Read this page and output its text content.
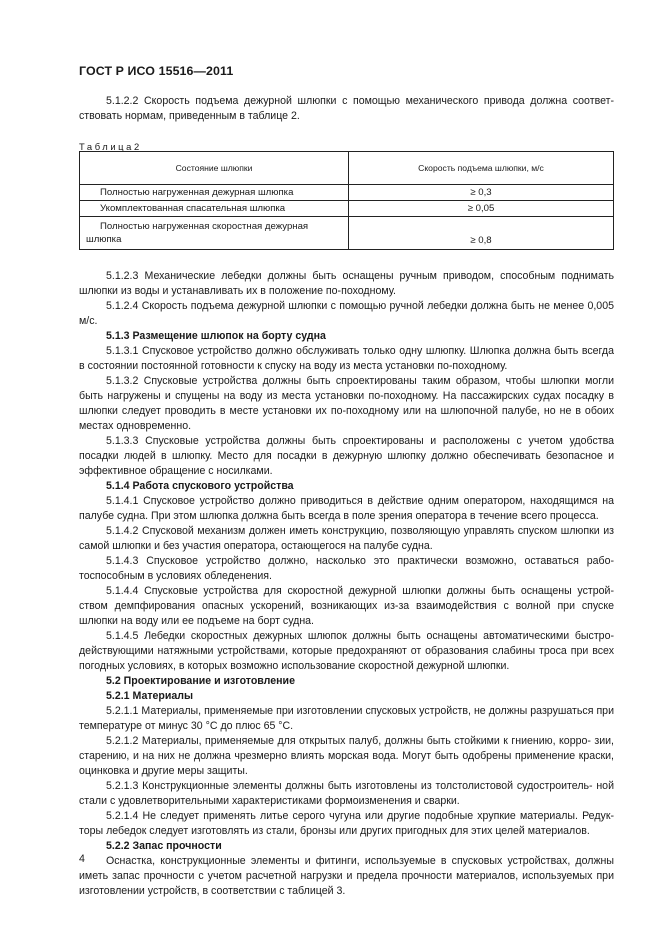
ГОСТ Р ИСО 15516—2011

5.1.2.2 Скорость подъема дежурной шлюпки с помощью механического привода должна соответ- ствовать нормам, приведенным в таблице 2.

Таблица2
Состояние шлюпки	Скорость подъема шлюпки, м/с
Полностью нагруженная дежурная шлюпка	≥ 0,3
Укомплектованная спасательная шлюпка	≥ 0,05
Полностью нагруженная скоростная дежурная шлюпка	≥ 0,8

5.1.2.3 Механические лебедки должны быть оснащены ручным приводом, способным поднимать шлюпки из воды и устанавливать их в положение по-походному.

5.1.2.4 Скорость подъема дежурной шлюпки с помощью ручной лебедки должна быть не менее 0,005 м/с.

5.1.3 Размещение шлюпок на борту судна

5.1.3.1 Спусковое устройство должно обслуживать только одну шлюпку. Шлюпка должна быть всегда в состоянии постоянной готовности к спуску на воду из места установки по-походному.

5.1.3.2 Спусковые устройства должны быть спроектированы таким образом, чтобы шлюпки могли быть нагружены и спущены на воду из места установки по-походному. На пассажирских судах посадку в шлюпки следует проводить в месте установки их по-походному или на шлюпочной палубе, но не в обоих местах одновременно.

5.1.3.3 Спусковые устройства должны быть спроектированы и расположены с учетом удобства посадки людей в шлюпку. Место для посадки в дежурную шлюпку должно обеспечивать безопасное и эффективное обращение с носилками.

5.1.4 Работа спускового устройства

5.1.4.1 Спусковое устройство должно приводиться в действие одним оператором, находящимся на палубе судна. При этом шлюпка должна быть всегда в поле зрения оператора в течение всего процесса.

5.1.4.2 Спусковой механизм должен иметь конструкцию, позволяющую управлять спуском шлюпки из самой шлюпки и без участия оператора, остающегося на палубе судна.

5.1.4.3 Спусковое устройство должно, насколько это практически возможно, оставаться рабо- тоспособным в условиях обледенения.

5.1.4.4 Спусковые устройства для скоростной дежурной шлюпки должны быть оснащены устрой- ством демпфирования опасных ускорений, возникающих из-за взаимодействия с волной при спуске шлюпки на воду или ее подъеме на борт судна.

5.1.4.5 Лебедки скоростных дежурных шлюпок должны быть оснащены автоматическими быстро- действующими натяжными устройствами, которые предохраняют от образования слабины троса при всех погодных условиях, в которых возможно использование скоростной дежурной шлюпки.

5.2 Проектирование и изготовление

5.2.1 Материалы

5.2.1.1 Материалы, применяемые при изготовлении спусковых устройств, не должны разрушаться при температуре от минус 30 °С до плюс 65 °С.

5.2.1.2 Материалы, применяемые для открытых палуб, должны быть стойкими к гниению, корро- зии, старению, и на них не должна чрезмерно влиять морская вода. Могут быть одобрены применение краски, оцинковка и другие меры защиты.

5.2.1.3 Конструкционные элементы должны быть изготовлены из толстолистовой судостроитель- ной стали с удовлетворительными характеристиками формоизменения и сварки.

5.2.1.4 Не следует применять литье серого чугуна или другие подобные хрупкие материалы. Редук- торы лебедок следует изготовлять из стали, бронзы или других пригодных для этих целей материалов.

5.2.2 Запас прочности

Оснастка, конструкционные элементы и фитинги, используемые в спусковых устройствах, должны иметь запас прочности с учетом расчетной нагрузки и предела прочности материалов, используемых при изготовлении устройств, в соответствии с таблицей 3.

4
